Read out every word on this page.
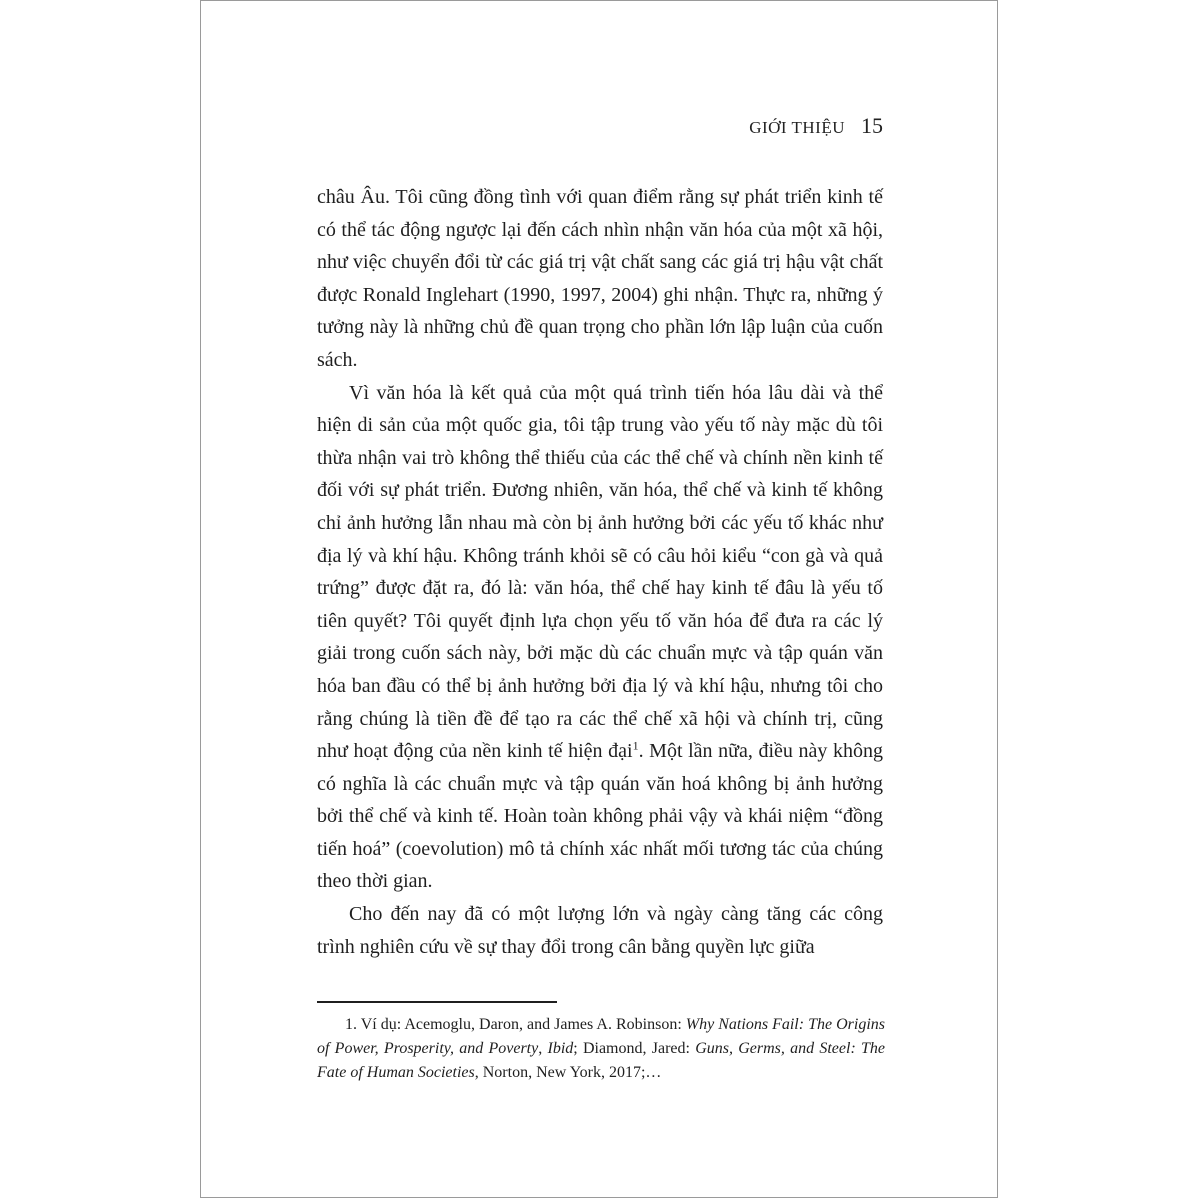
GIỚI THIỆU 15

châu Âu. Tôi cũng đồng tình với quan điểm rằng sự phát triển kinh tế có thể tác động ngược lại đến cách nhìn nhận văn hóa của một xã hội, như việc chuyển đổi từ các giá trị vật chất sang các giá trị hậu vật chất được Ronald Inglehart (1990, 1997, 2004) ghi nhận. Thực ra, những ý tưởng này là những chủ đề quan trọng cho phần lớn lập luận của cuốn sách.

Vì văn hóa là kết quả của một quá trình tiến hóa lâu dài và thể hiện di sản của một quốc gia, tôi tập trung vào yếu tố này mặc dù tôi thừa nhận vai trò không thể thiếu của các thể chế và chính nền kinh tế đối với sự phát triển. Đương nhiên, văn hóa, thể chế và kinh tế không chỉ ảnh hưởng lẫn nhau mà còn bị ảnh hưởng bởi các yếu tố khác như địa lý và khí hậu. Không tránh khỏi sẽ có câu hỏi kiểu “con gà và quả trứng” được đặt ra, đó là: văn hóa, thể chế hay kinh tế đâu là yếu tố tiên quyết? Tôi quyết định lựa chọn yếu tố văn hóa để đưa ra các lý giải trong cuốn sách này, bởi mặc dù các chuẩn mực và tập quán văn hóa ban đầu có thể bị ảnh hưởng bởi địa lý và khí hậu, nhưng tôi cho rằng chúng là tiền đề để tạo ra các thể chế xã hội và chính trị, cũng như hoạt động của nền kinh tế hiện đại$^1$. Một lần nữa, điều này không có nghĩa là các chuẩn mực và tập quán văn hoá không bị ảnh hưởng bởi thể chế và kinh tế. Hoàn toàn không phải vậy và khái niệm “đồng tiến hoá” (coevolution) mô tả chính xác nhất mối tương tác của chúng theo thời gian.

Cho đến nay đã có một lượng lớn và ngày càng tăng các công trình nghiên cứu về sự thay đổi trong cân bằng quyền lực giữa

1. Ví dụ: Acemoglu, Daron, and James A. Robinson: Why Nations Fail: The Origins of Power, Prosperity, and Poverty, Ibid; Diamond, Jared: Guns, Germs, and Steel: The Fate of Human Societies, Norton, New York, 2017;…
